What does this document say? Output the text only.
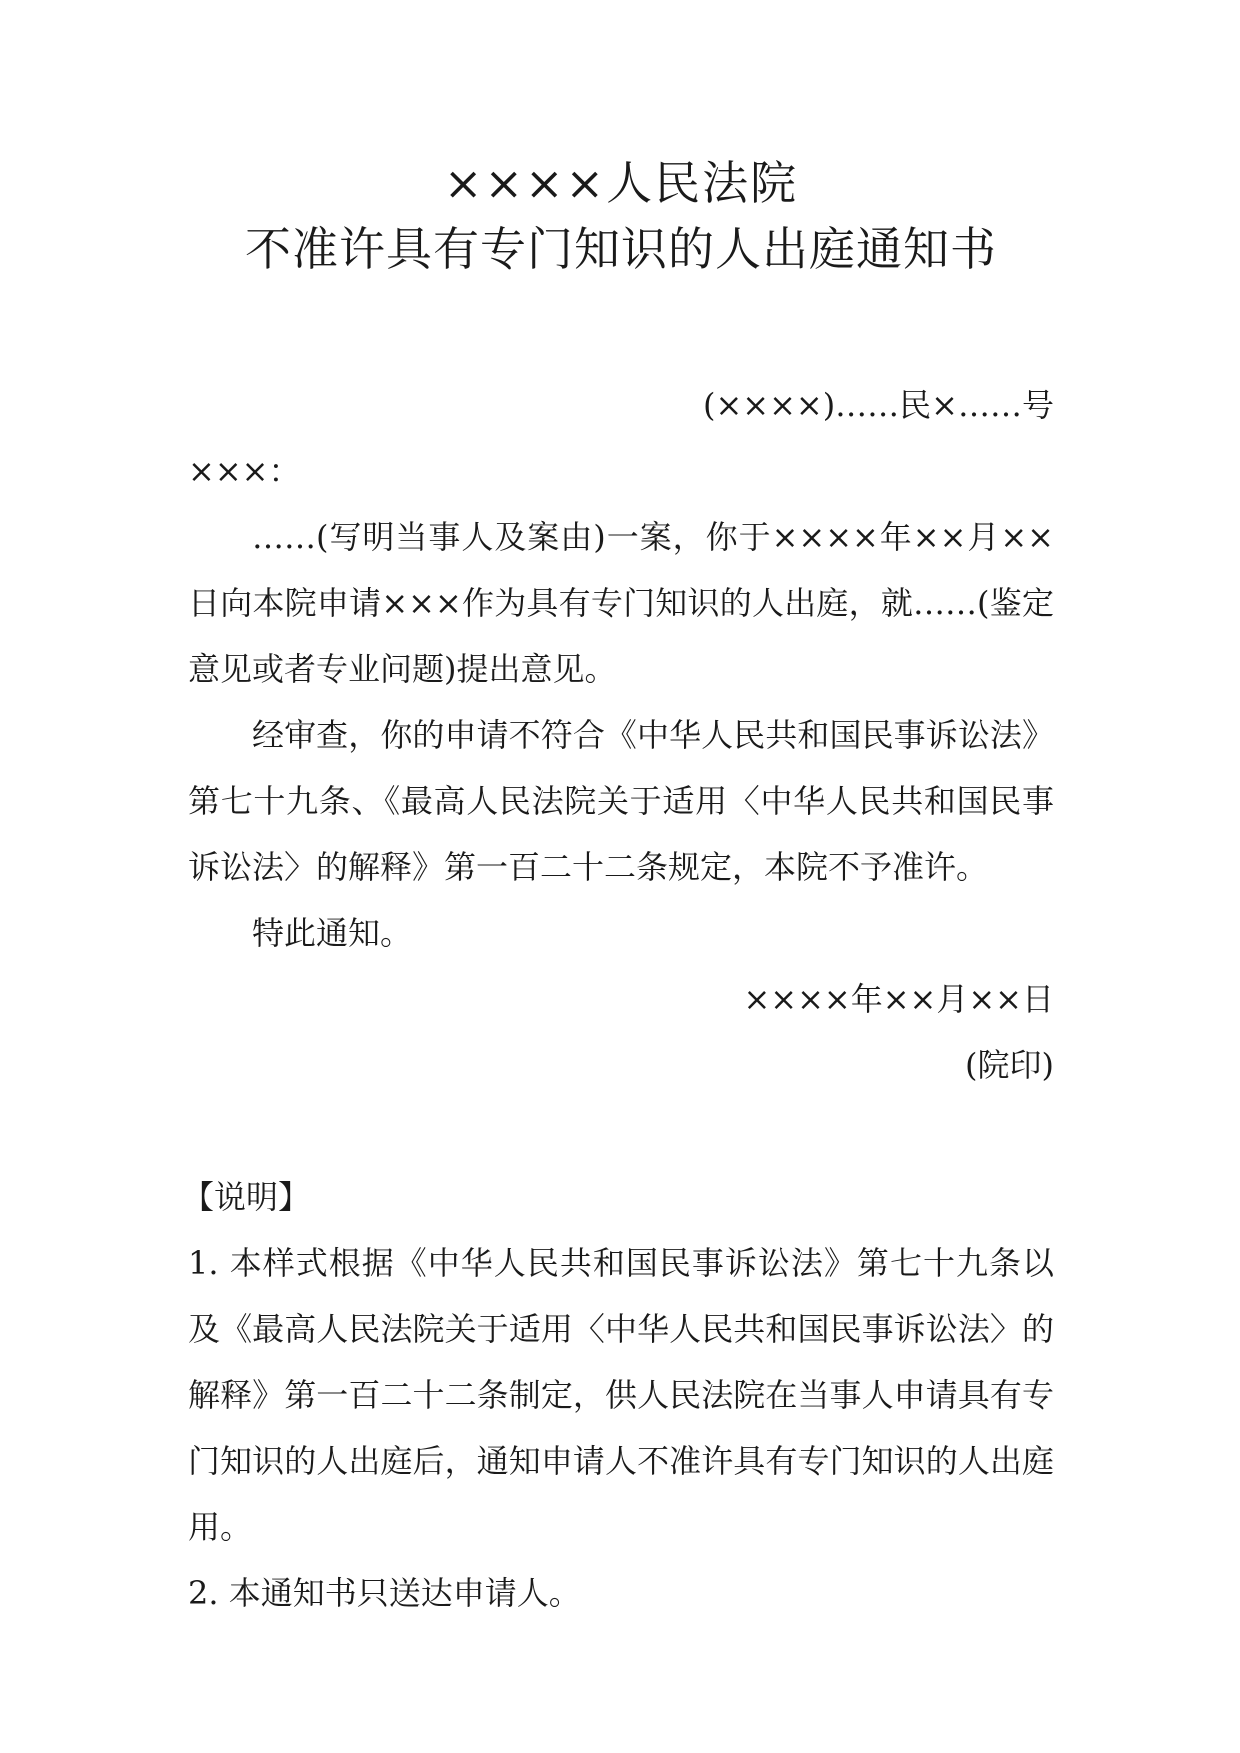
××××人民法院
不准许具有专门知识的人出庭通知书
(××××)……民×……号
×××：

……(写明当事人及案由)一案，你于××××年××月××日向本院申请×××作为具有专门知识的人出庭，就……(鉴定意见或者专业问题)提出意见。

经审查，你的申请不符合《中华人民共和国民事诉讼法》第七十九条、《最高人民法院关于适用〈中华人民共和国民事诉讼法〉的解释》第一百二十二条规定，本院不予准许。

特此通知。

××××年××月××日
(院印)
【说明】

1. 本样式根据《中华人民共和国民事诉讼法》第七十九条以及《最高人民法院关于适用〈中华人民共和国民事诉讼法〉的解释》第一百二十二条制定，供人民法院在当事人申请具有专门知识的人出庭后，通知申请人不准许具有专门知识的人出庭用。

2. 本通知书只送达申请人。
